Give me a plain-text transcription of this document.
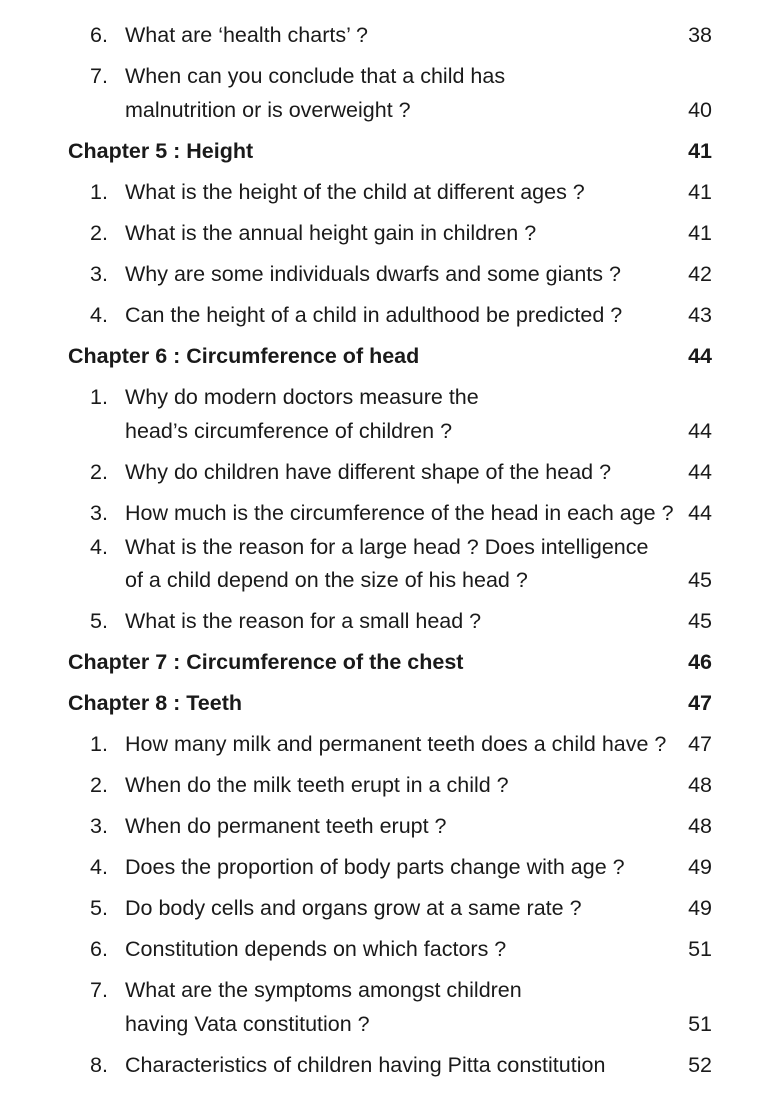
6. What are ‘health charts’ ?	38
7. When can you conclude that a child has
malnutrition or is overweight ?	40
Chapter 5 : Height	41
1. What is the height of the child at different ages ?	41
2. What is the annual height gain in children ?	41
3. Why are some individuals dwarfs and some giants ?	42
4. Can the height of a child in adulthood be predicted ?	43
Chapter 6 : Circumference of head	44
1. Why do modern doctors measure the
head’s circumference of children ?	44
2. Why do children have different shape of the head ?	44
3. How much is the circumference of the head in each age ? 44
4. What is the reason for a large head ? Does intelligence
of a child depend on the size of his head ?	45
5. What is the reason for a small head ?	45
Chapter 7 : Circumference of the chest	46
Chapter 8 : Teeth	47
1. How many milk and permanent teeth does a child have ? 47
2. When do the milk teeth erupt in a child ?	48
3. When do permanent teeth erupt ?	48
4. Does the proportion of body parts change with age ?	49
5. Do body cells and organs grow at a same rate ?	49
6. Constitution depends on which factors ?	51
7. What are the symptoms amongst children
having Vata constitution ?	51
8. Characteristics of children having Pitta constitution	52
